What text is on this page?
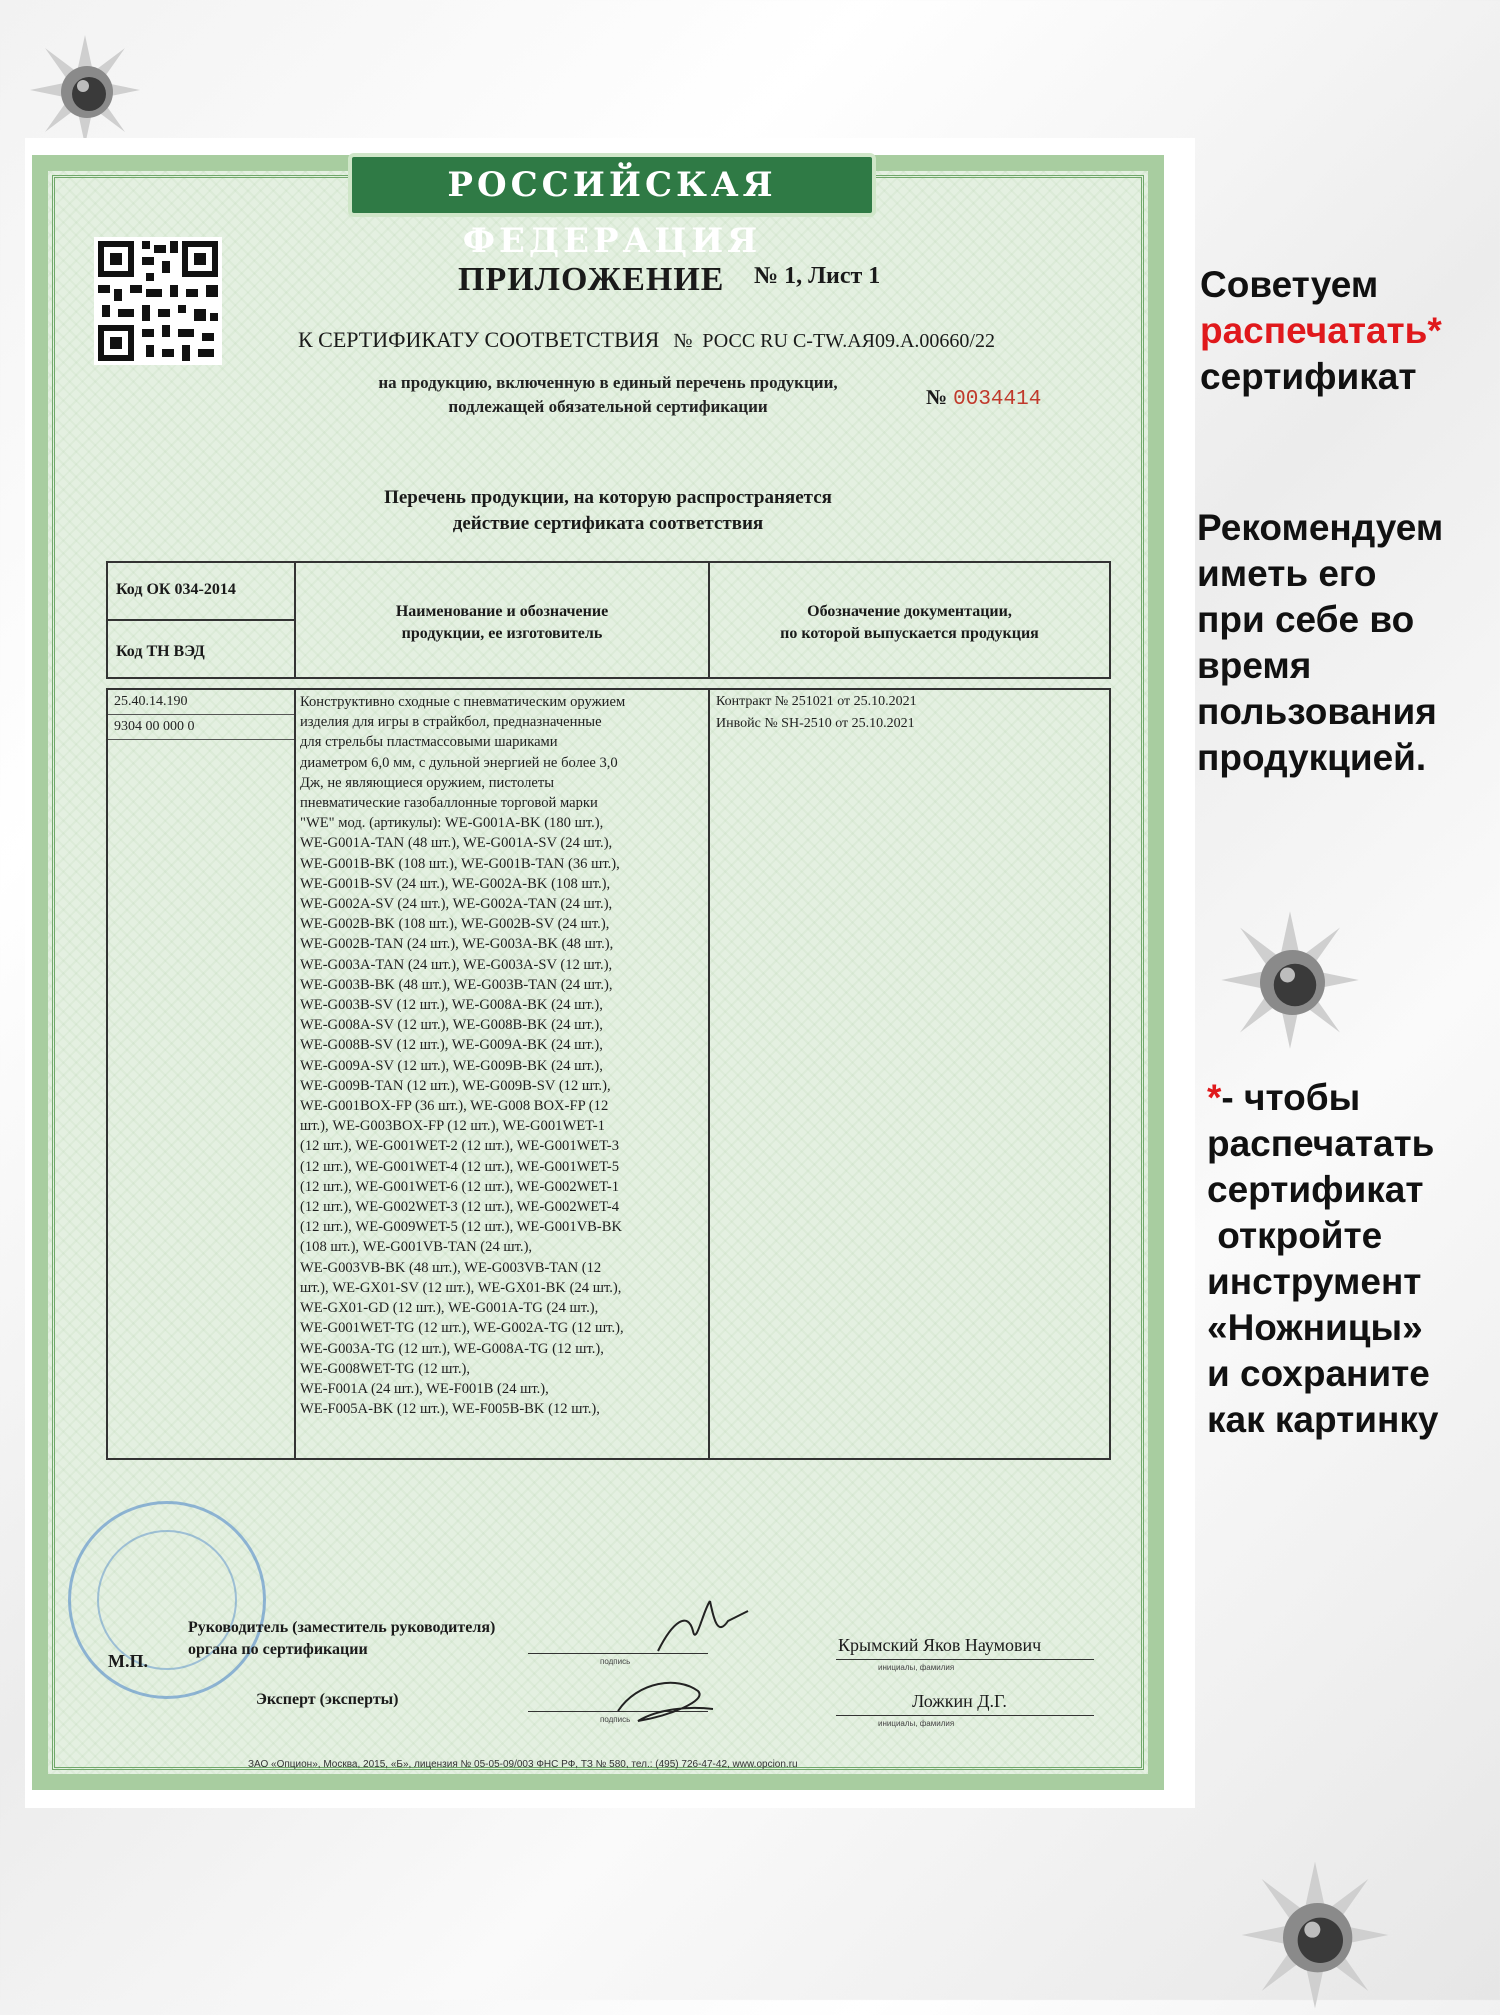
РОССИЙСКАЯ ФЕДЕРАЦИЯ
ПРИЛОЖЕНИЕ № 1, Лист 1
К СЕРТИФИКАТУ СООТВЕТСТВИЯ № РОСС RU С-TW.АЯ09.А.00660/22
на продукцию, включенную в единый перечень продукции,
подлежащей обязательной сертификации	№ 0034414
Перечень продукции, на которую распространяется
действие сертификата соответствия
Код ОК 034-2014
Код ТН ВЭД
Наименование и обозначение
продукции, ее изготовитель
Обозначение документации,
по которой выпускается продукция
25.40.14.190
9304 00 000 0
Конструктивно сходные с пневматическим оружием
изделия для игры в страйкбол, предназначенные
для стрельбы пластмассовыми шариками
диаметром 6,0 мм, с дульной энергией не более 3,0
Дж, не являющиеся оружием, пистолеты
пневматические газобаллонные торговой марки
"WE" мод. (артикулы): WE-G001A-BK (180 шт.),
WE-G001A-TAN (48 шт.), WE-G001A-SV (24 шт.),
WE-G001B-BK (108 шт.), WE-G001B-TAN (36 шт.),
WE-G001B-SV (24 шт.), WE-G002A-BK (108 шт.),
WE-G002A-SV (24 шт.), WE-G002A-TAN (24 шт.),
WE-G002B-BK (108 шт.), WE-G002B-SV (24 шт.),
WE-G002B-TAN (24 шт.), WE-G003A-BK (48 шт.),
WE-G003A-TAN (24 шт.), WE-G003A-SV (12 шт.),
WE-G003B-BK (48 шт.), WE-G003B-TAN (24 шт.),
WE-G003B-SV (12 шт.), WE-G008A-BK (24 шт.),
WE-G008A-SV (12 шт.), WE-G008B-BK (24 шт.),
WE-G008B-SV (12 шт.), WE-G009A-BK (24 шт.),
WE-G009A-SV (12 шт.), WE-G009B-BK (24 шт.),
WE-G009B-TAN (12 шт.), WE-G009B-SV (12 шт.),
WE-G001BOX-FP (36 шт.), WE-G008 BOX-FP (12
шт.), WE-G003BOX-FP (12 шт.), WE-G001WET-1
(12 шт.), WE-G001WET-2 (12 шт.), WE-G001WET-3
(12 шт.), WE-G001WET-4 (12 шт.), WE-G001WET-5
(12 шт.), WE-G001WET-6 (12 шт.), WE-G002WET-1
(12 шт.), WE-G002WET-3 (12 шт.), WE-G002WET-4
(12 шт.), WE-G009WET-5 (12 шт.), WE-G001VB-BK
(108 шт.), WE-G001VB-TAN (24 шт.),
WE-G003VB-BK (48 шт.), WE-G003VB-TAN (12
шт.), WE-GX01-SV (12 шт.), WE-GX01-BK (24 шт.),
WE-GX01-GD (12 шт.), WE-G001A-TG (24 шт.),
WE-G001WET-TG (12 шт.), WE-G002A-TG (12 шт.),
WE-G003A-TG (12 шт.), WE-G008A-TG (12 шт.),
WE-G008WET-TG (12 шт.),
WE-F001A (24 шт.), WE-F001B (24 шт.),
WE-F005A-BK (12 шт.), WE-F005B-BK (12 шт.),
Контракт № 251021 от 25.10.2021
Инвойс № SH-2510 от 25.10.2021
М.П.
Руководитель (заместитель руководителя)
органа по сертификации
подпись
Крымский Яков Наумович
инициалы, фамилия
Эксперт (эксперты)
подпись
Ложкин Д.Г.
инициалы, фамилия
ЗАО «Опцион», Москва, 2015, «Б», лицензия № 05-05-09/003 ФНС РФ, ТЗ № 580, тел.: (495) 726-47-42, www.opcion.ru
Советуем
распечатать*
сертификат
Рекомендуем
иметь его
при себе во
время
пользования
продукцией.
*- чтобы
распечатать
сертификат
откройте
инструмент
«Ножницы»
и сохраните
как картинку
